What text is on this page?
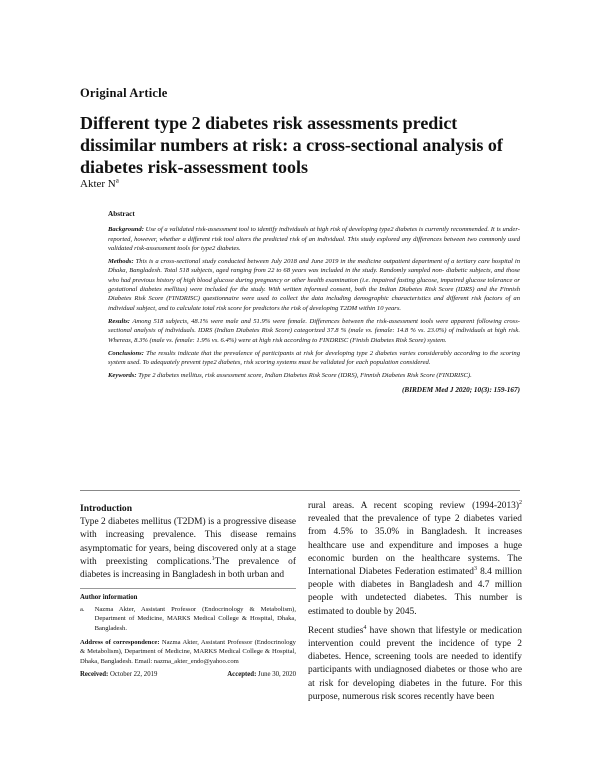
Original Article
Different type 2 diabetes risk assessments predict dissimilar numbers at risk: a cross-sectional analysis of diabetes risk-assessment tools
Akter $N^a$
Abstract

Background: Use of a validated risk-assessment tool to identify individuals at high risk of developing type2 diabetes is currently recommended. It is under-reported, however, whether a different risk tool alters the predicted risk of an individual. This study explored any differences between two commonly used validated risk-assessment tools for type2 diabetes.

Methods: This is a cross-sectional study conducted between July 2018 and June 2019 in the medicine outpatient department of a tertiary care hospital in Dhaka, Bangladesh. Total 518 subjects, aged ranging from 22 to 68 years was included in the study. Randomly sampled non- diabetic subjects, and those who had previous history of high blood glucose during pregnancy or other health examination (i.e. impaired fasting glucose, impaired glucose tolerance or gestational diabetes mellitus) were included for the study. With written informed consent, both the Indian Diabetes Risk Score (IDRS) and the Finnish Diabetes Risk Score (FINDRISC) questionnaire were used to collect the data including demographic characteristics and different risk factors of an individual subject, and to calculate total risk score for predictors the risk of developing T2DM within 10 years.

Results: Among 518 subjects, 48.1% were male and 51.9% were female. Differences between the risk-assessment tools were apparent following cross-sectional analysis of individuals. IDRS (Indian Diabetes Risk Score) categorized 37.8 % (male vs. female: 14.8 % vs. 23.0%) of individuals at high risk. Whereas, 8.3% (male vs. female: 1.9% vs. 6.4%) were at high risk according to FINDRISC (Finish Diabetes Risk Score) system.

Conclusions: The results indicate that the prevalence of participants at risk for developing type 2 diabetes varies considerably according to the scoring system used. To adequately prevent type2 diabetes, risk scoring systems must be validated for each population considered.

Keywords: Type 2 diabetes mellitus, risk assessment score, Indian Diabetes Risk Score (IDRS), Finnish Diabetes Risk Score (FINDRISC).

(BIRDEM Med J 2020; 10(3): 159-167)
Introduction

Type 2 diabetes mellitus (T2DM) is a progressive disease with increasing prevalence. This disease remains asymptomatic for years, being discovered only at a stage with preexisting complications.$^1$The prevalence of diabetes is increasing in Bangladesh in both urban and

Author information
a. Nazma Akter, Assistant Professor (Endocrinology & Metabolism), Department of Medicine, MARKS Medical College & Hospital, Dhaka, Bangladesh.
Address of correspondence: Nazma Akter, Assistant Professor (Endocrinology & Metabolism), Department of Medicine, MARKS Medical College & Hospital, Dhaka, Bangladesh. Email: nazma_akter_endo@yahoo.com
Received: October 22, 2019	Accepted: June 30, 2020

rural areas. A recent scoping review (1994-2013)$^2$ revealed that the prevalence of type 2 diabetes varied from 4.5% to 35.0% in Bangladesh. It increases healthcare use and expenditure and imposes a huge economic burden on the healthcare systems. The International Diabetes Federation estimated$^3$ 8.4 million people with diabetes in Bangladesh and 4.7 million people with undetected diabetes. This number is estimated to double by 2045.

Recent studies$^4$ have shown that lifestyle or medication intervention could prevent the incidence of type 2 diabetes. Hence, screening tools are needed to identify participants with undiagnosed diabetes or those who are at risk for developing diabetes in the future. For this purpose, numerous risk scores recently have been
